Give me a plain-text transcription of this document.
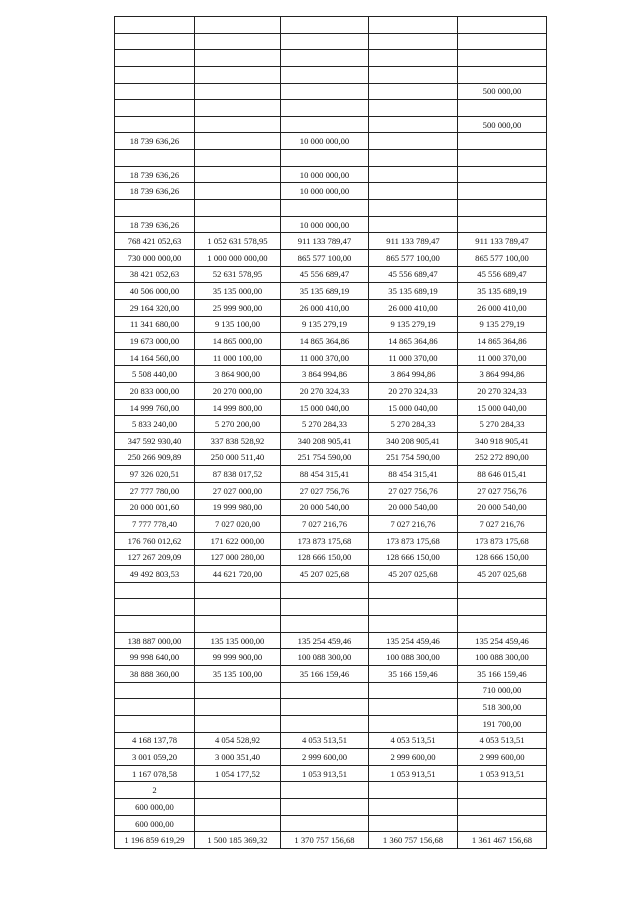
				500 000,00

				500 000,00
18 739 636,26		10 000 000,00		

18 739 636,26		10 000 000,00		
18 739 636,26		10 000 000,00		

18 739 636,26		10 000 000,00		
768 421 052,63	1 052 631 578,95	911 133 789,47	911 133 789,47	911 133 789,47
730 000 000,00	1 000 000 000,00	865 577 100,00	865 577 100,00	865 577 100,00
38 421 052,63	52 631 578,95	45 556 689,47	45 556 689,47	45 556 689,47
40 506 000,00	35 135 000,00	35 135 689,19	35 135 689,19	35 135 689,19
29 164 320,00	25 999 900,00	26 000 410,00	26 000 410,00	26 000 410,00
11 341 680,00	9 135 100,00	9 135 279,19	9 135 279,19	9 135 279,19
19 673 000,00	14 865 000,00	14 865 364,86	14 865 364,86	14 865 364,86
14 164 560,00	11 000 100,00	11 000 370,00	11 000 370,00	11 000 370,00
5 508 440,00	3 864 900,00	3 864 994,86	3 864 994,86	3 864 994,86
20 833 000,00	20 270 000,00	20 270 324,33	20 270 324,33	20 270 324,33
14 999 760,00	14 999 800,00	15 000 040,00	15 000 040,00	15 000 040,00
5 833 240,00	5 270 200,00	5 270 284,33	5 270 284,33	5 270 284,33
347 592 930,40	337 838 528,92	340 208 905,41	340 208 905,41	340 918 905,41
250 266 909,89	250 000 511,40	251 754 590,00	251 754 590,00	252 272 890,00
97 326 020,51	87 838 017,52	88 454 315,41	88 454 315,41	88 646 015,41
27 777 780,00	27 027 000,00	27 027 756,76	27 027 756,76	27 027 756,76
20 000 001,60	19 999 980,00	20 000 540,00	20 000 540,00	20 000 540,00
7 777 778,40	7 027 020,00	7 027 216,76	7 027 216,76	7 027 216,76
176 760 012,62	171 622 000,00	173 873 175,68	173 873 175,68	173 873 175,68
127 267 209,09	127 000 280,00	128 666 150,00	128 666 150,00	128 666 150,00
49 492 803,53	44 621 720,00	45 207 025,68	45 207 025,68	45 207 025,68

138 887 000,00	135 135 000,00	135 254 459,46	135 254 459,46	135 254 459,46
99 998 640,00	99 999 900,00	100 088 300,00	100 088 300,00	100 088 300,00
38 888 360,00	35 135 100,00	35 166 159,46	35 166 159,46	35 166 159,46
				710 000,00
				518 300,00
				191 700,00
4 168 137,78	4 054 528,92	4 053 513,51	4 053 513,51	4 053 513,51
3 001 059,20	3 000 351,40	2 999 600,00	2 999 600,00	2 999 600,00
1 167 078,58	1 054 177,52	1 053 913,51	1 053 913,51	1 053 913,51
2				
600 000,00				
600 000,00				
1 196 859 619,29	1 500 185 369,32	1 370 757 156,68	1 360 757 156,68	1 361 467 156,68
